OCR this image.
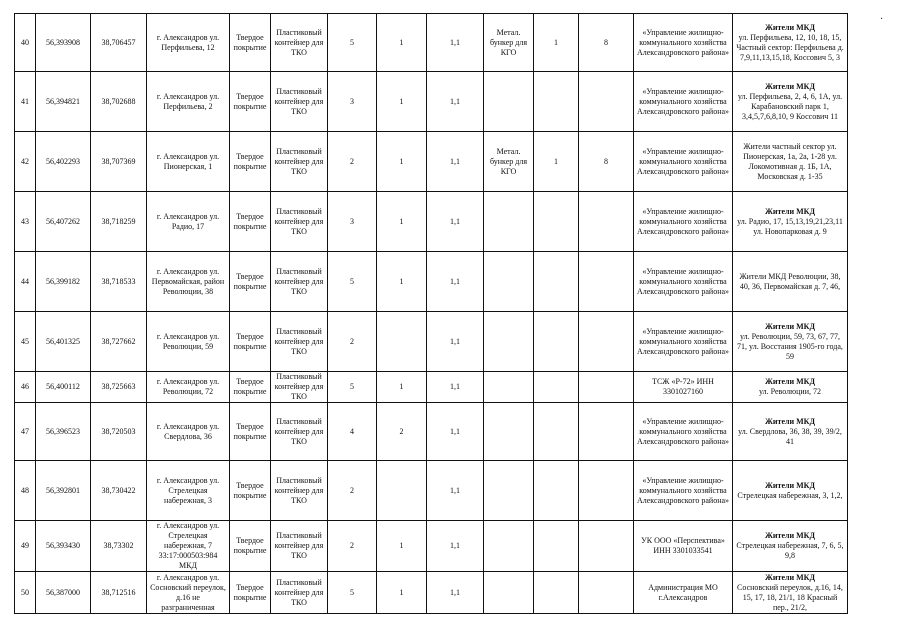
40	56,393908	38,706457	г. Александров ул. Перфильева, 12	Твердое покрытие	Пластиковый контейнер для ТКО	5	1	1,1	Метал. бункер для КГО	1	8	«Управление жилищно-коммунального хозяйства Александровского района»	Жители МКД
ул. Перфильева, 12, 10, 18, 15, Частный сектор: Перфильева д. 7,9,11,13,15,18, Коссович 5, 3

41	56,394821	38,702688	г. Александров ул. Перфильева, 2	Твердое покрытие	Пластиковый контейнер для ТКО	3	1	1,1				«Управление жилищно-коммунального хозяйства Александровского района»	Жители МКД
ул. Перфильева, 2, 4, 6, 1А, ул. Карабановский парк 1, 3,4,5,7,6,8,10, 9 Коссович 11

42	56,402293	38,707369	г. Александров ул. Пионерская, 1	Твердое покрытие	Пластиковый контейнер для ТКО	2	1	1,1	Метал. бункер для КГО	1	8	«Управление жилищно-коммунального хозяйства Александровского района»	Жители частный сектор ул. Пионерская, 1а, 2а, 1-28 ул. Локомотивная д. 1Б, 1А, Московская д. 1-35

43	56,407262	38,718259	г. Александров ул. Радио, 17	Твердое покрытие	Пластиковый контейнер для ТКО	3	1	1,1				«Управление жилищно-коммунального хозяйства Александровского района»	Жители МКД
ул. Радио, 17, 15,13,19,21,23,11 ул. Новопарковая д. 9

44	56,399182	38,718533	г. Александров ул. Первомайская, район Революции, 38	Твердое покрытие	Пластиковый контейнер для ТКО	5	1	1,1				«Управление жилищно-коммунального хозяйства Александровского района»	Жители МКД Революции, 38, 40, 36, Первомайская д. 7, 46,

45	56,401325	38,727662	г. Александров ул. Революции, 59	Твердое покрытие	Пластиковый контейнер для ТКО	2		1,1				«Управление жилищно-коммунального хозяйства Александровского района»	Жители МКД
ул. Революции, 59, 73, 67, 77, 71, ул. Восстания 1905-го года, 59

46	56,400112	38,725663	г. Александров ул. Революции, 72	Твердое покрытие	Пластиковый контейнер для ТКО	5	1	1,1				ТСЖ «Р-72» ИНН 3301027160	Жители МКД
ул. Революции, 72

47	56,396523	38,720503	г. Александров ул. Свердлова, 36	Твердое покрытие	Пластиковый контейнер для ТКО	4	2	1,1				«Управление жилищно-коммунального хозяйства Александровского района»	Жители МКД
ул. Свердлова, 36, 38, 39, 39/2, 41

48	56,392801	38,730422	г. Александров ул. Стрелецкая набережная, 3	Твердое покрытие	Пластиковый контейнер для ТКО	2		1,1				«Управление жилищно-коммунального хозяйства Александровского района»	Жители МКД
Стрелецкая набережная, 3, 1,2,

49	56,393430	38,73302	г. Александров ул. Стрелецкая набережная, 7 33:17:000503:984 МКД	Твердое покрытие	Пластиковый контейнер для ТКО	2	1	1,1				УК ООО «Перспектива» ИНН 3301033541	Жители МКД
Стрелецкая набережная, 7, 6, 5, 9,8

50	56,387000	38,712516	г. Александров ул. Сосновский переулок, д.16 не разграниченная	Твердое покрытие	Пластиковый контейнер для ТКО	5	1	1,1				Администрация МО г.Александров	Жители МКД
Сосновский переулок, д.16, 14, 15, 17, 18, 21/1, 18 Красный пер., 21/2,
·
